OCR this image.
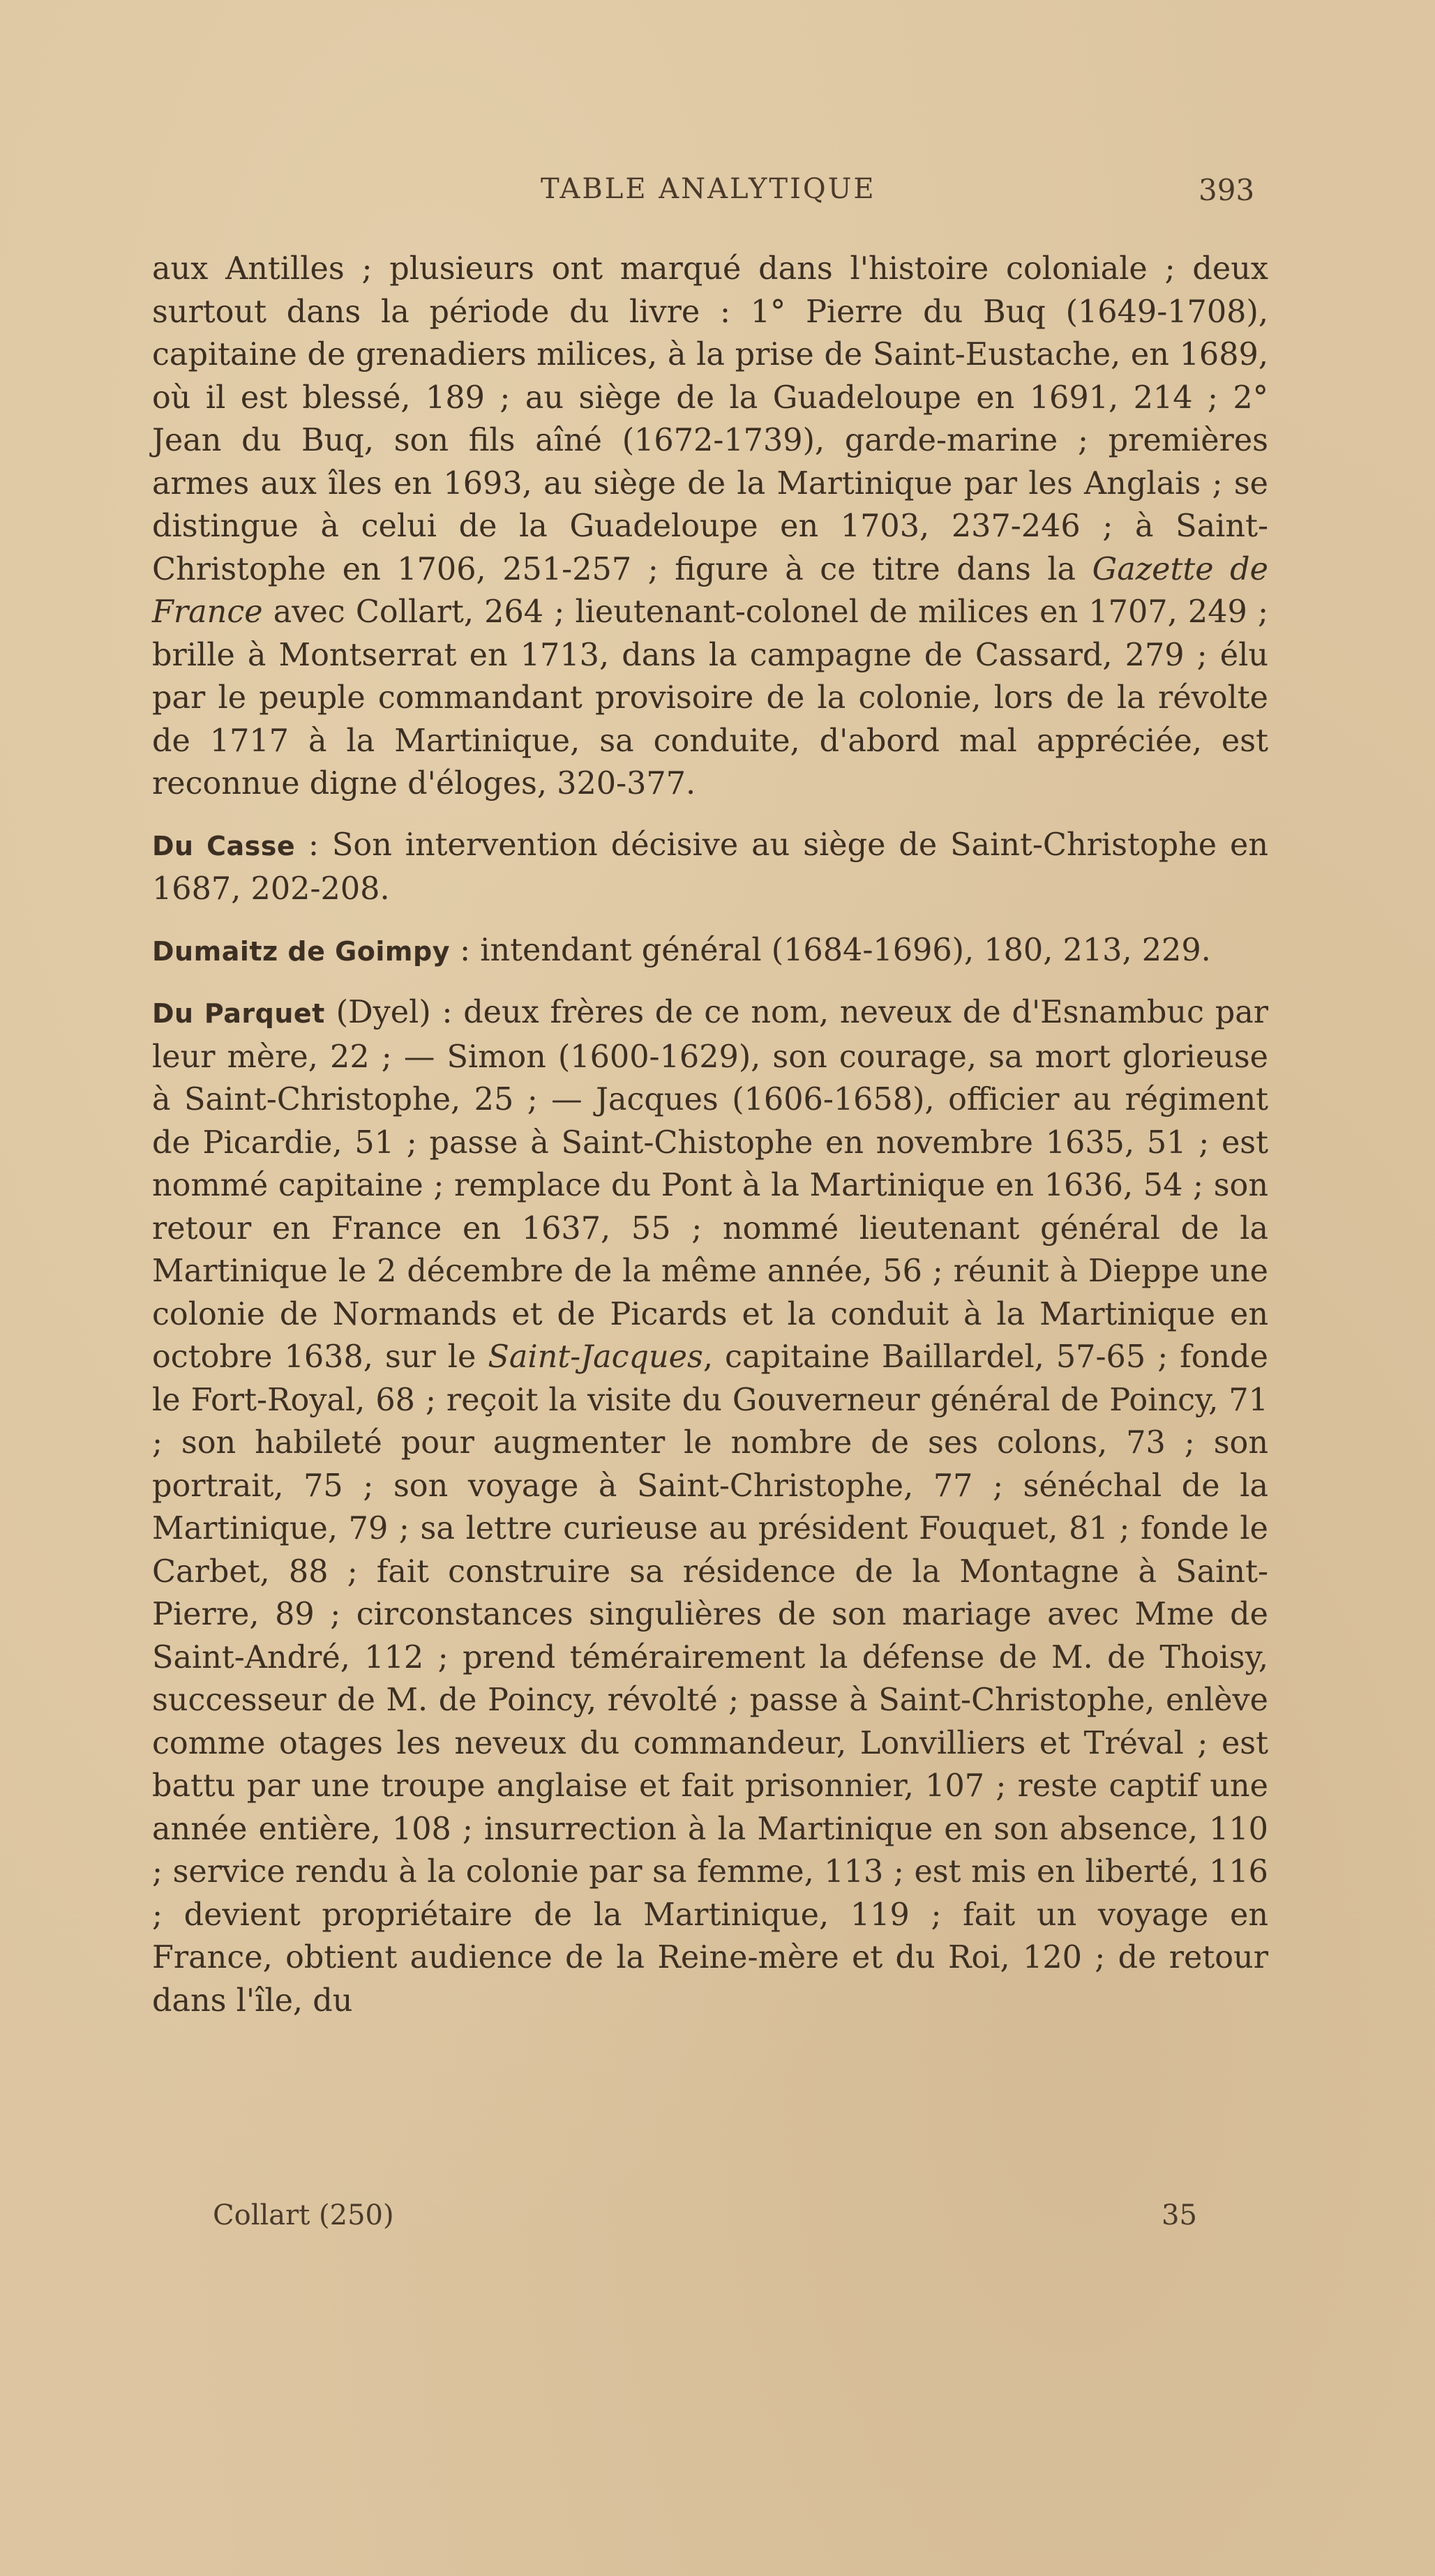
TABLE ANALYTIQUE	393

aux Antilles ; plusieurs ont marqué dans l'histoire coloniale ; deux surtout dans la période du livre : 1° Pierre du Buq (1649-1708), capitaine de grenadiers milices, à la prise de Saint-Eustache, en 1689, où il est blessé, 189 ; au siège de la Guadeloupe en 1691, 214 ; 2° Jean du Buq, son fils aîné (1672-1739), garde-marine ; premières armes aux îles en 1693, au siège de la Martinique par les Anglais ; se distingue à celui de la Guadeloupe en 1703, 237-246 ; à Saint-Christophe en 1706, 251-257 ; figure à ce titre dans la Gazette de France avec Collart, 264 ; lieutenant-colonel de milices en 1707, 249 ; brille à Montserrat en 1713, dans la campagne de Cassard, 279 ; élu par le peuple commandant provisoire de la colonie, lors de la révolte de 1717 à la Martinique, sa conduite, d'abord mal appréciée, est reconnue digne d'éloges, 320-377.

Du Casse : Son intervention décisive au siège de Saint-Christophe en 1687, 202-208.

Dumaitz de Goimpy : intendant général (1684-1696), 180, 213, 229.

Du Parquet (Dyel) : deux frères de ce nom, neveux de d'Esnambuc par leur mère, 22 ; — Simon (1600-1629), son courage, sa mort glorieuse à Saint-Christophe, 25 ; — Jacques (1606-1658), officier au régiment de Picardie, 51 ; passe à Saint-Chistophe en novembre 1635, 51 ; est nommé capitaine ; remplace du Pont à la Martinique en 1636, 54 ; son retour en France en 1637, 55 ; nommé lieutenant général de la Martinique le 2 décembre de la même année, 56 ; réunit à Dieppe une colonie de Normands et de Picards et la conduit à la Martinique en octobre 1638, sur le Saint-Jacques, capitaine Baillardel, 57-65 ; fonde le Fort-Royal, 68 ; reçoit la visite du Gouverneur général de Poincy, 71 ; son habileté pour augmenter le nombre de ses colons, 73 ; son portrait, 75 ; son voyage à Saint-Christophe, 77 ; sénéchal de la Martinique, 79 ; sa lettre curieuse au président Fouquet, 81 ; fonde le Carbet, 88 ; fait construire sa résidence de la Montagne à Saint-Pierre, 89 ; circonstances singulières de son mariage avec Mme de Saint-André, 112 ; prend témérairement la défense de M. de Thoisy, successeur de M. de Poincy, révolté ; passe à Saint-Christophe, enlève comme otages les neveux du commandeur, Lonvilliers et Tréval ; est battu par une troupe anglaise et fait prisonnier, 107 ; reste captif une année entière, 108 ; insurrection à la Martinique en son absence, 110 ; service rendu à la colonie par sa femme, 113 ; est mis en liberté, 116 ; devient propriétaire de la Martinique, 119 ; fait un voyage en France, obtient audience de la Reine-mère et du Roi, 120 ; de retour dans l'île, du

Collart (250)	35
